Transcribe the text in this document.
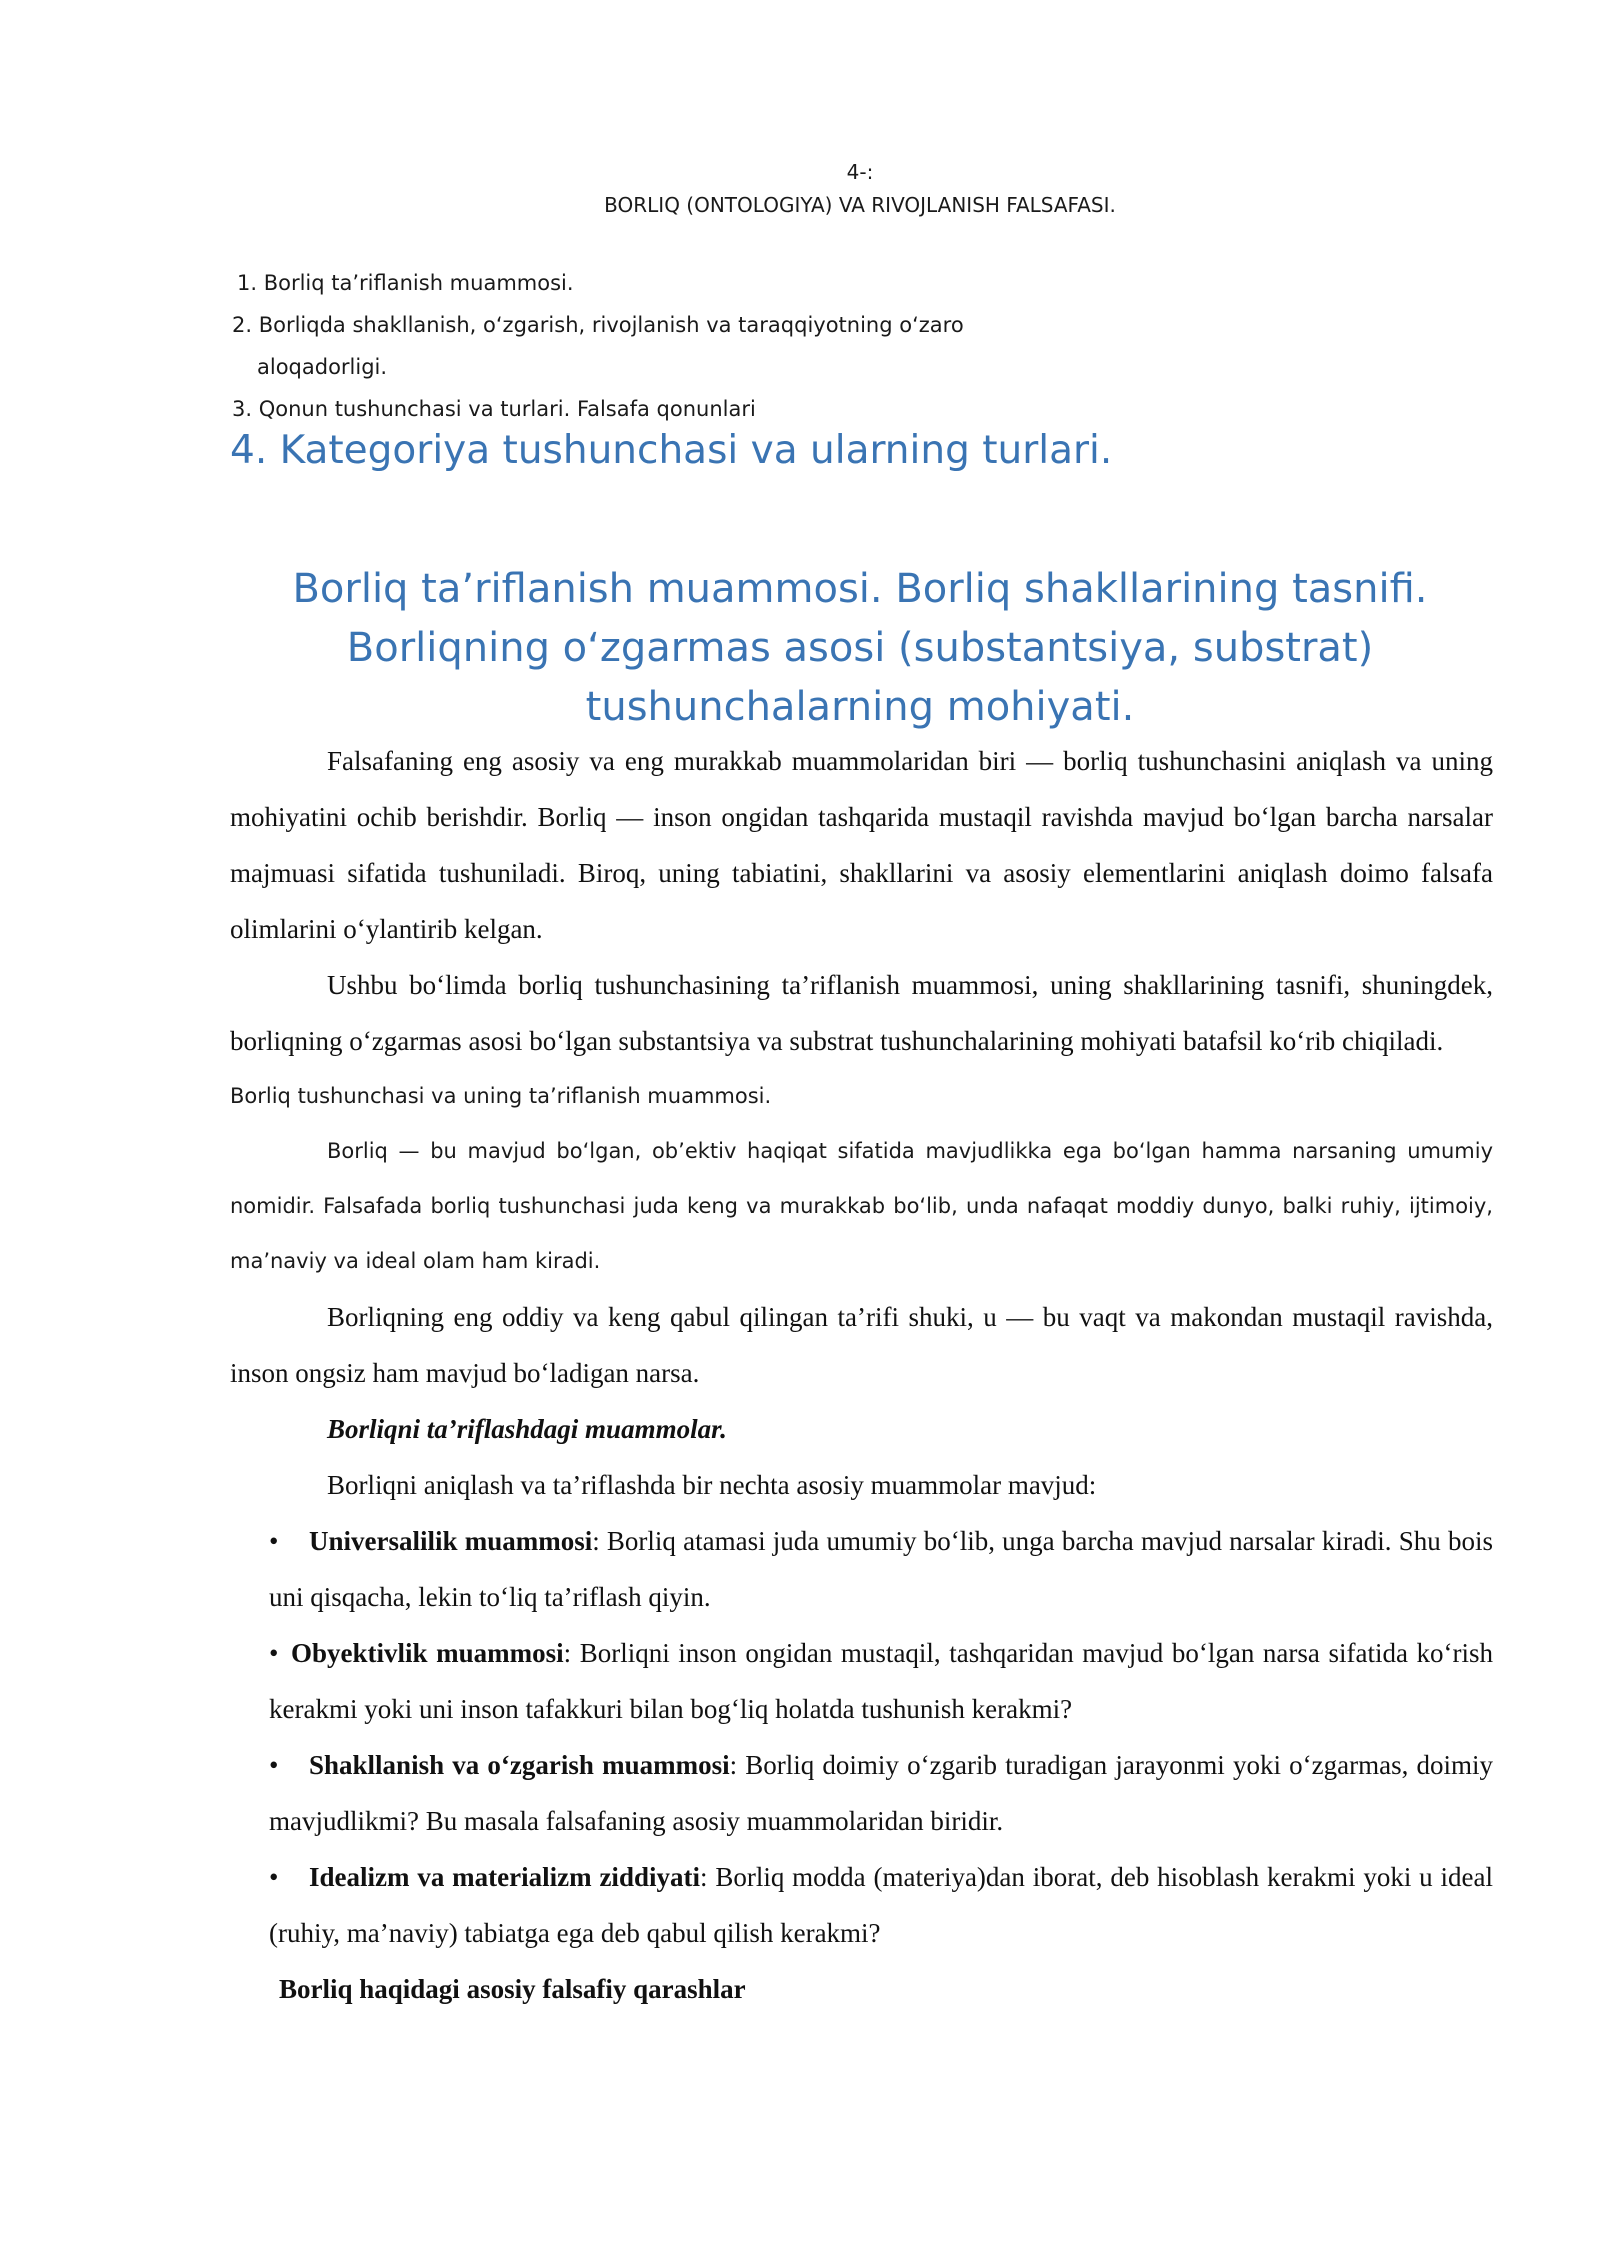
4-:
BORLIQ (ONTOLOGIYA) VA RIVOJLANISH FALSAFASI.
1. Borliq ta’riflanish muammosi.
2. Borliqda shakllanish, o‘zgarish, rivojlanish va taraqqiyotning o‘zaro
aloqadorligi.
3. Qonun tushunchasi va turlari. Falsafa qonunlari
4. Kategoriya tushunchasi va ularning turlari.
Borliq ta’riflanish muammosi. Borliq shakllarining tasnifi. Borliqning o‘zgarmas asosi (substantsiya, substrat) tushunchalarning mohiyati.

Falsafaning eng asosiy va eng murakkab muammolaridan biri — borliq tushunchasini aniqlash va uning mohiyatini ochib berishdir. Borliq — inson ongidan tashqarida mustaqil ravishda mavjud bo‘lgan barcha narsalar majmuasi sifatida tushuniladi. Biroq, uning tabiatini, shakllarini va asosiy elementlarini aniqlash doimo falsafa olimlarini o‘ylantirib kelgan.

Ushbu bo‘limda borliq tushunchasining ta’riflanish muammosi, uning shakllarining tasnifi, shuningdek, borliqning o‘zgarmas asosi bo‘lgan substantsiya va substrat tushunchalarining mohiyati batafsil ko‘rib chiqiladi.

Borliq tushunchasi va uning ta’riflanish muammosi.

Borliq — bu mavjud bo‘lgan, ob’ektiv haqiqat sifatida mavjudlikka ega bo‘lgan hamma narsaning umumiy nomidir. Falsafada borliq tushunchasi juda keng va murakkab bo‘lib, unda nafaqat moddiy dunyo, balki ruhiy, ijtimoiy, ma’naviy va ideal olam ham kiradi.

Borliqning eng oddiy va keng qabul qilingan ta’rifi shuki, u — bu vaqt va makondan mustaqil ravishda, inson ongsiz ham mavjud bo‘ladigan narsa.

Borliqni ta’riflashdagi muammolar.

Borliqni aniqlash va ta’riflashda bir nechta asosiy muammolar mavjud:

• Universalilik muammosi: Borliq atamasi juda umumiy bo‘lib, unga barcha mavjud narsalar kiradi. Shu bois uni qisqacha, lekin to‘liq ta’riflash qiyin.

• Obyektivlik muammosi: Borliqni inson ongidan mustaqil, tashqaridan mavjud bo‘lgan narsa sifatida ko‘rish kerakmi yoki uni inson tafakkuri bilan bog‘liq holatda tushunish kerakmi?

• Shakllanish va o‘zgarish muammosi: Borliq doimiy o‘zgarib turadigan jarayonmi yoki o‘zgarmas, doimiy mavjudlikmi? Bu masala falsafaning asosiy muammolaridan biridir.

• Idealizm va materializm ziddiyati: Borliq modda (materiya)dan iborat, deb hisoblash kerakmi yoki u ideal (ruhiy, ma’naviy) tabiatga ega deb qabul qilish kerakmi?

Borliq haqidagi asosiy falsafiy qarashlar
